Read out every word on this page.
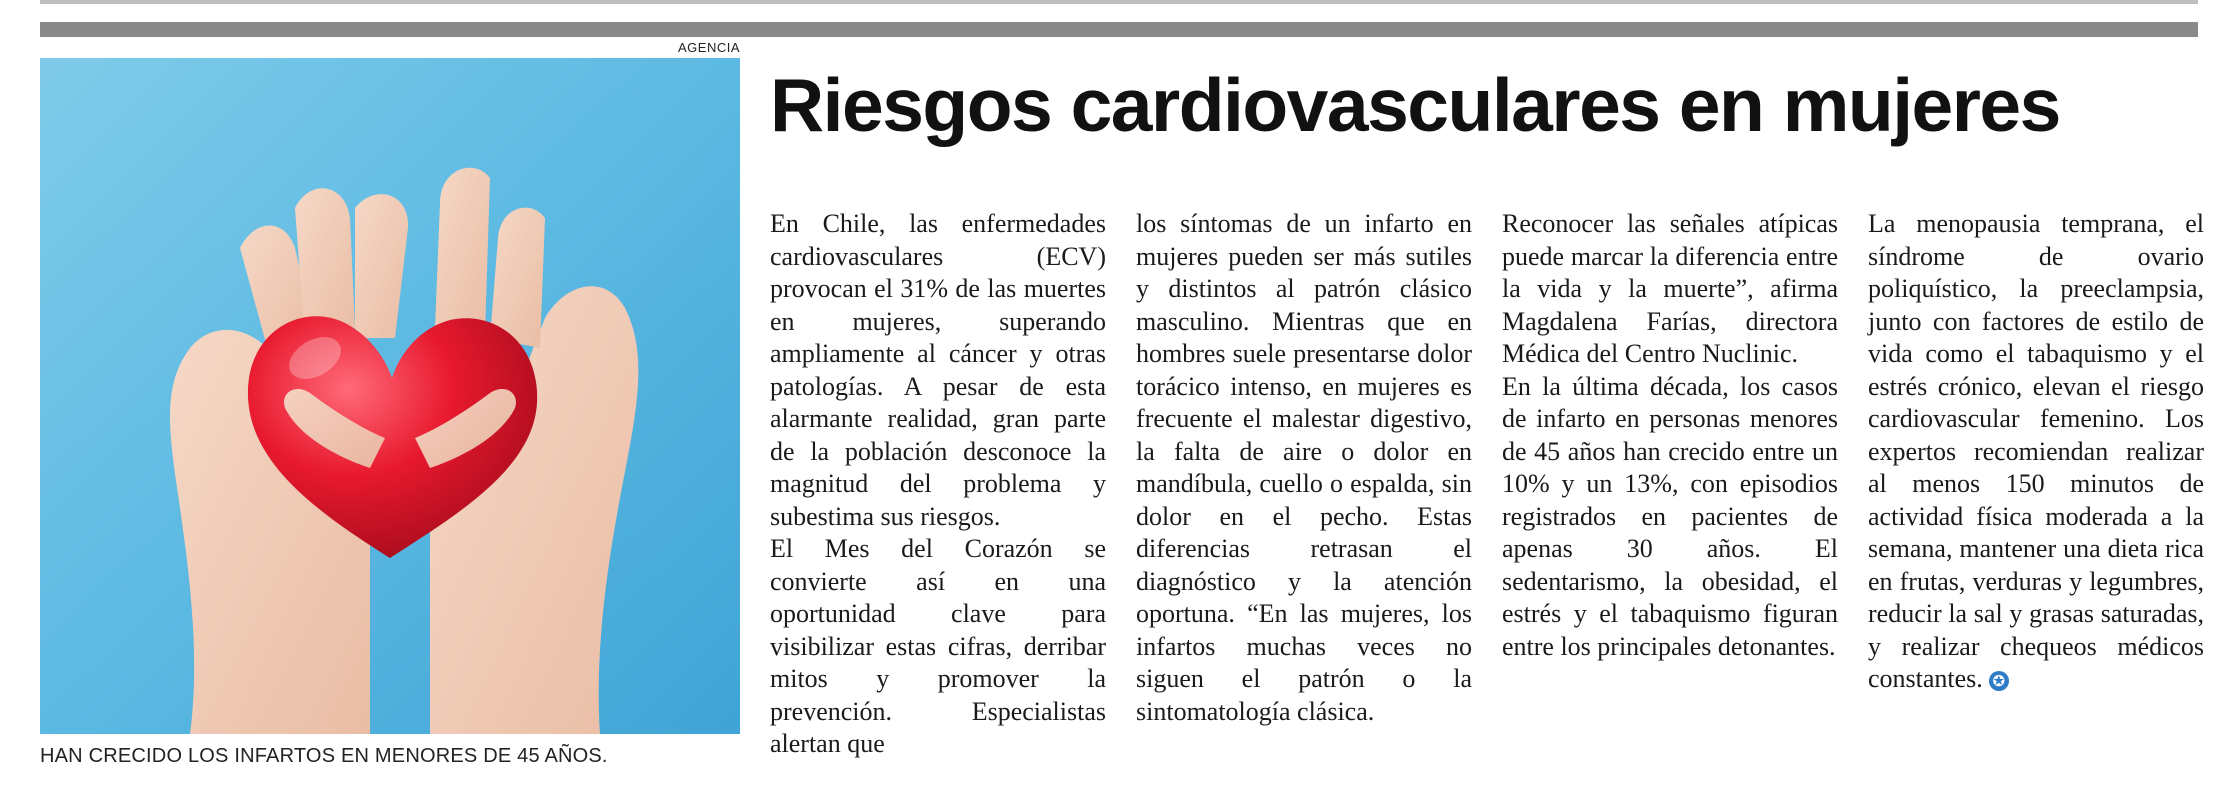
AGENCIA
HAN CRECIDO LOS INFARTOS EN MENORES DE 45 AÑOS.
Riesgos cardiovasculares en mujeres

En Chile, las enfermedades cardiovasculares (ECV) provocan el 31% de las muertes en mujeres, superando ampliamente al cáncer y otras patologías. A pesar de esta alarmante realidad, gran parte de la población desconoce la magnitud del problema y subestima sus riesgos.

El Mes del Corazón se convierte así en una oportunidad clave para visibilizar estas cifras, derribar mitos y promover la prevención. Especialistas alertan que

los síntomas de un infarto en mujeres pueden ser más sutiles y distintos al patrón clásico masculino. Mientras que en hombres suele presentarse dolor torácico intenso, en mujeres es frecuente el malestar digestivo, la falta de aire o dolor en mandíbula, cuello o espalda, sin dolor en el pecho. Estas diferencias retrasan el diagnóstico y la atención oportuna. “En las mujeres, los infartos muchas veces no siguen el patrón o la sintomatología clásica.

Reconocer las señales atípicas puede marcar la diferencia entre la vida y la muerte”, afirma Magdalena Farías, directora Médica del Centro Nuclinic.

En la última década, los casos de infarto en personas menores de 45 años han crecido entre un 10% y un 13%, con episodios registrados en pacientes de apenas 30 años. El sedentarismo, la obesidad, el estrés y el tabaquismo figuran entre los principales detonantes.

La menopausia temprana, el síndrome de ovario poliquístico, la preeclampsia, junto con factores de estilo de vida como el tabaquismo y el estrés crónico, elevan el riesgo cardiovascular femenino. Los expertos recomiendan realizar al menos 150 minutos de actividad física moderada a la semana, mantener una dieta rica en frutas, verduras y legumbres, reducir la sal y grasas saturadas, y realizar chequeos médicos constantes. ✪
